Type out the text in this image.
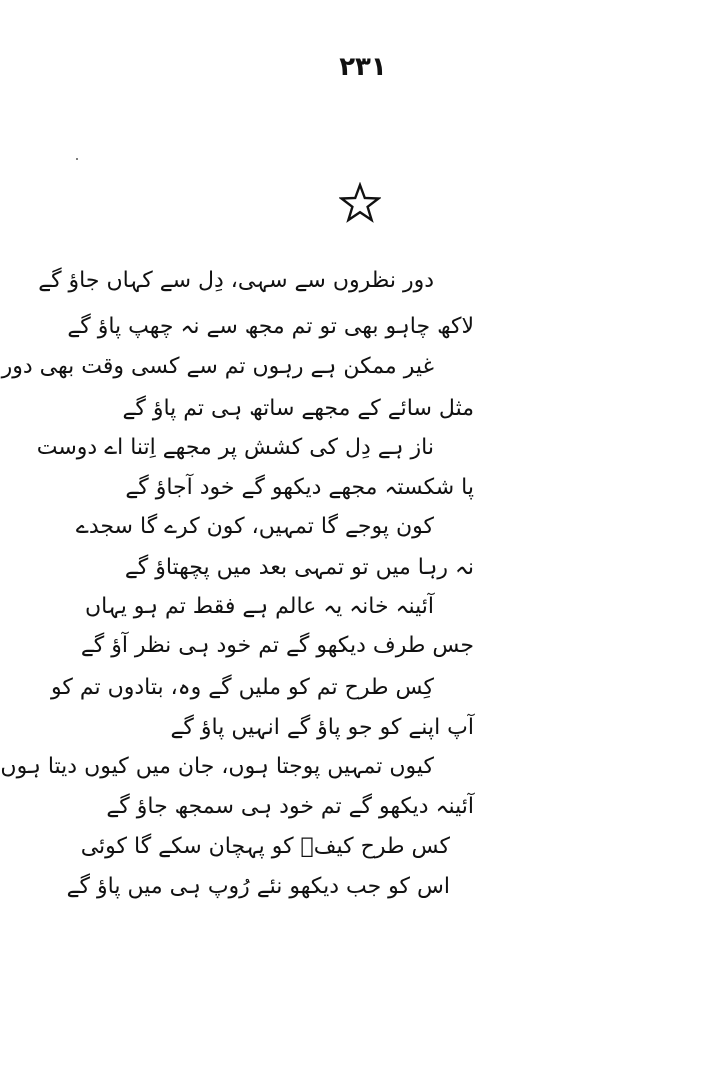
۲۳۱
دور نظروں سے سہی، دِل سے کہاں جاؤ گے
لاکھ چاہو بھی تو تم مجھ سے نہ چھپ پاؤ گے
غیر ممکن ہے رہوں تم سے کسی وقت بھی دور
مثل سائے کے مجھے ساتھ ہی تم پاؤ گے
ناز ہے دِل کی کشش پر مجھے اِتنا اے دوست
پا شکستہ مجھے دیکھو گے خود آجاؤ گے
کون پوجے گا تمہیں، کون کرے گا سجدے
نہ رہا میں تو تمہی بعد میں پچھتاؤ گے
آئینہ خانہ یہ عالم ہے فقط تم ہو یہاں
جس طرف دیکھو گے تم خود ہی نظر آؤ گے
کِس طرح تم کو ملیں گے وہ، بتادوں تم کو
آپ اپنے کو جو پاؤ گے انہیں پاؤ گے
کیوں تمہیں پوجتا ہوں، جان میں کیوں دیتا ہوں
آئینہ دیکھو گے تم خود ہی سمجھ جاؤ گے
کس طرح کیفؔ کو پہچان سکے گا کوئی
اس کو جب دیکھو نئے رُوپ ہی میں پاؤ گے
